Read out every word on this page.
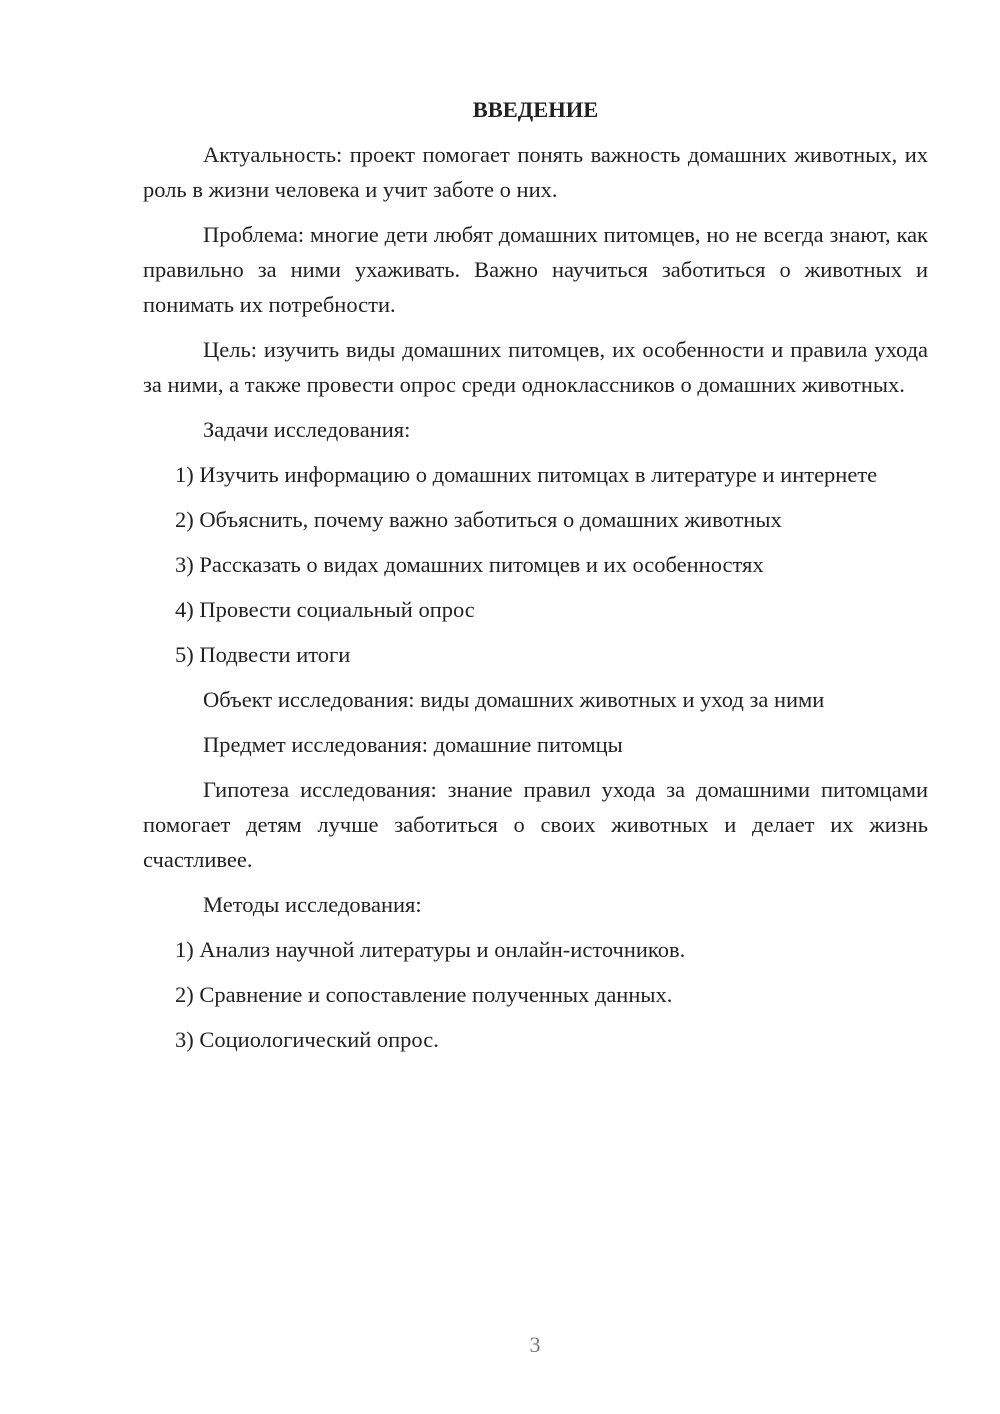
ВВЕДЕНИЕ

Актуальность: проект помогает понять важность домашних животных, их роль в жизни человека и учит заботе о них.

Проблема: многие дети любят домашних питомцев, но не всегда знают, как правильно за ними ухаживать. Важно научиться заботиться о животных и понимать их потребности.

Цель: изучить виды домашних питомцев, их особенности и правила ухода за ними, а также провести опрос среди одноклассников о домашних животных.

Задачи исследования:

1) Изучить информацию о домашних питомцах в литературе и интернете

2) Объяснить, почему важно заботиться о домашних животных

3) Рассказать о видах домашних питомцев и их особенностях

4) Провести социальный опрос

5) Подвести итоги

Объект исследования: виды домашних животных и уход за ними

Предмет исследования: домашние питомцы

Гипотеза исследования: знание правил ухода за домашними питомцами помогает детям лучше заботиться о своих животных и делает их жизнь счастливее.

Методы исследования:

1) Анализ научной литературы и онлайн-источников.

2) Сравнение и сопоставление полученных данных.

3) Социологический опрос.

3
